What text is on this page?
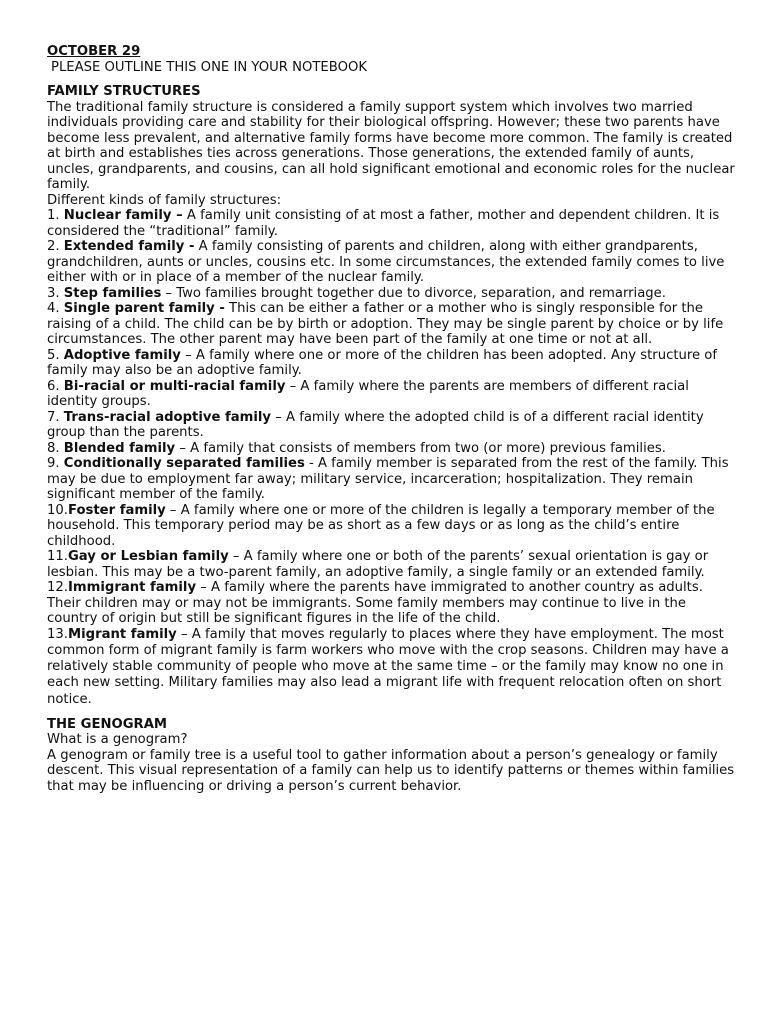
OCTOBER 29
PLEASE OUTLINE THIS ONE IN YOUR NOTEBOOK
FAMILY STRUCTURES
The traditional family structure is considered a family support system which involves two married individuals providing care and stability for their biological offspring. However; these two parents have become less prevalent, and alternative family forms have become more common. The family is created at birth and establishes ties across generations. Those generations, the extended family of aunts, uncles, grandparents, and cousins, can all hold significant emotional and economic roles for the nuclear family.
Different kinds of family structures:
1. Nuclear family – A family unit consisting of at most a father, mother and dependent children. It is considered the “traditional” family.
2. Extended family - A family consisting of parents and children, along with either grandparents, grandchildren, aunts or uncles, cousins etc. In some circumstances, the extended family comes to live either with or in place of a member of the nuclear family.
3. Step families – Two families brought together due to divorce, separation, and remarriage.
4. Single parent family - This can be either a father or a mother who is singly responsible for the raising of a child. The child can be by birth or adoption. They may be single parent by choice or by life circumstances. The other parent may have been part of the family at one time or not at all.
5. Adoptive family – A family where one or more of the children has been adopted. Any structure of family may also be an adoptive family.
6. Bi-racial or multi-racial family – A family where the parents are members of different racial identity groups.
7. Trans-racial adoptive family – A family where the adopted child is of a different racial identity group than the parents.
8. Blended family – A family that consists of members from two (or more) previous families.
9. Conditionally separated families - A family member is separated from the rest of the family. This may be due to employment far away; military service, incarceration; hospitalization. They remain significant member of the family.
10.Foster family – A family where one or more of the children is legally a temporary member of the household. This temporary period may be as short as a few days or as long as the child’s entire childhood.
11.Gay or Lesbian family – A family where one or both of the parents’ sexual orientation is gay or lesbian. This may be a two-parent family, an adoptive family, a single family or an extended family.
12.Immigrant family – A family where the parents have immigrated to another country as adults. Their children may or may not be immigrants. Some family members may continue to live in the country of origin but still be significant figures in the life of the child.
13.Migrant family – A family that moves regularly to places where they have employment. The most common form of migrant family is farm workers who move with the crop seasons. Children may have a relatively stable community of people who move at the same time – or the family may know no one in each new setting. Military families may also lead a migrant life with frequent relocation often on short notice.
THE GENOGRAM
What is a genogram?
A genogram or family tree is a useful tool to gather information about a person’s genealogy or family descent. This visual representation of a family can help us to identify patterns or themes within families that may be influencing or driving a person’s current behavior.
